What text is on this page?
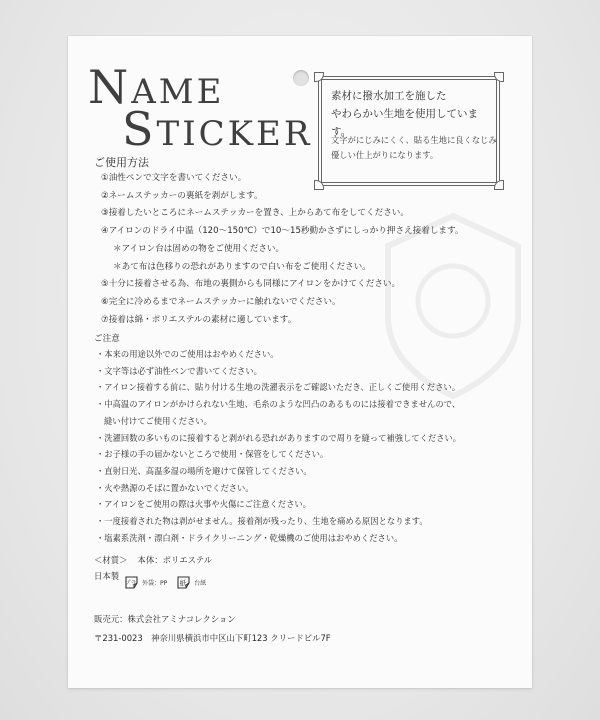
NAME
STICKER
素材に撥水加工を施した
やわらかい生地を使用しています。
文字がにじみにくく、貼る生地に良くなじみ
優しい仕上がりになります。
ご使用方法
①油性ペンで文字を書いてください。
②ネームステッカーの裏紙を剥がします。
③接着したいところにネームステッカーを置き、上からあて布をしてください。
④アイロンのドライ中温（120～150℃）で10～15秒動かさずにしっかり押さえ接着します。
＊アイロン台は固めの物をご使用ください。
＊あて布は色移りの恐れがありますので白い布をご使用ください。
⑤十分に接着させる為、布地の裏側からも同様にアイロンをかけてください。
⑥完全に冷めるまでネームステッカーに触れないでください。
⑦接着は綿・ポリエステルの素材に適しています。
ご注意
・本来の用途以外でのご使用はおやめください。
・文字等は必ず油性ペンで書いてください。
・アイロン接着する前に、貼り付ける生地の洗濯表示をご確認いただき、正しくご使用ください。
・中高温のアイロンがかけられない生地、毛糸のような凹凸のあるものには接着できませんので、
縫い付けてご使用ください。
・洗濯回数の多いものに接着すると剥がれる恐れがありますので周りを縫って補強してください。
・お子様の手の届かないところで使用・保管をしてください。
・直射日光、高温多湿の場所を避けて保管してください。
・火や熱源のそばに置かないでください。
・アイロンをご使用の際は火事や火傷にご注意ください。
・一度接着された物は剥がせません。接着剤が残ったり、生地を痛める原因となります。
・塩素系洗剤・漂白剤・ドライクリーニング・乾燥機のご使用はおやめください。
＜材質＞ 本体：ポリエステル
日本製
プラ 外袋：PP 紙 台紙
販売元：株式会社アミナコレクション
〒231-0023　神奈川県横浜市中区山下町123 クリードビル7F
